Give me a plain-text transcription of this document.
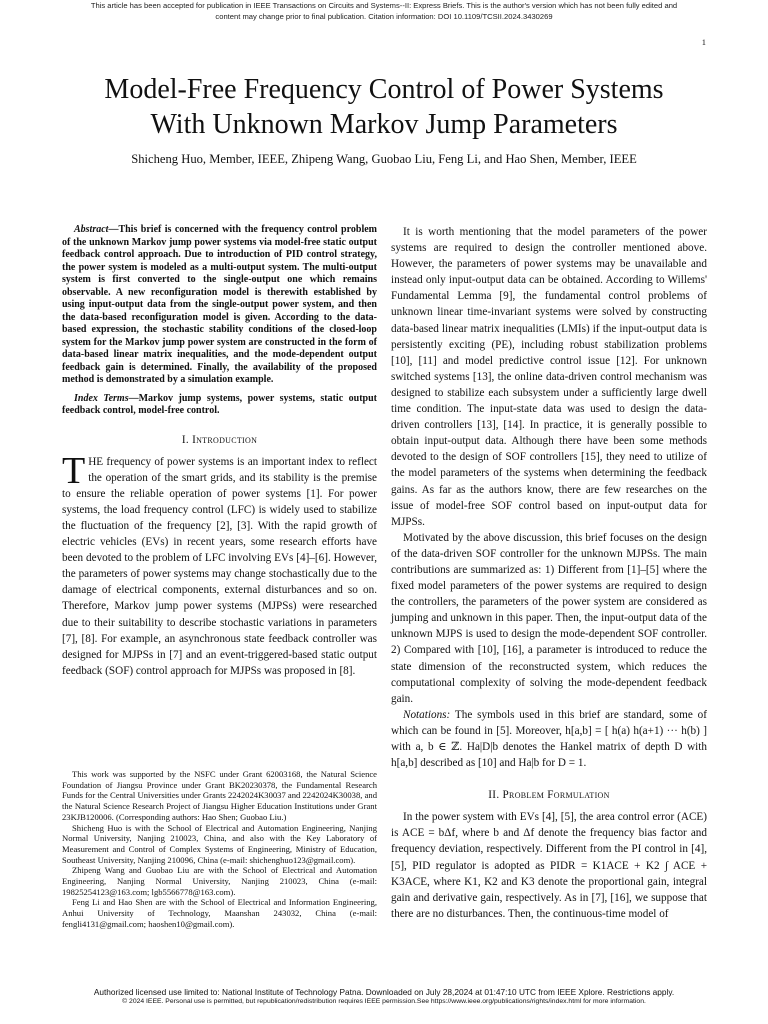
This article has been accepted for publication in IEEE Transactions on Circuits and Systems--II: Express Briefs. This is the author's version which has not been fully edited and
content may change prior to final publication. Citation information: DOI 10.1109/TCSII.2024.3430269
1
Model-Free Frequency Control of Power Systems
With Unknown Markov Jump Parameters
Shicheng Huo, Member, IEEE, Zhipeng Wang, Guobao Liu, Feng Li, and Hao Shen, Member, IEEE

Abstract—This brief is concerned with the frequency control problem of the unknown Markov jump power systems via model-free static output feedback control approach. Due to introduction of PID control strategy, the power system is modeled as a multi-output system. The multi-output system is first converted to the single-output one which remains observable. A new reconfiguration model is therewith established by using input-output data from the single-output power system, and then the data-based reconfiguration model is given. According to the data-based expression, the stochastic stability conditions of the closed-loop system for the Markov jump power system are constructed in the form of data-based linear matrix inequalities, and the mode-dependent output feedback gain is determined. Finally, the availability of the proposed method is demonstrated by a simulation example.

Index Terms—Markov jump systems, power systems, static output feedback control, model-free control.

I. Introduction

THE frequency of power systems is an important index to reflect the operation of the smart grids, and its stability is the premise to ensure the reliable operation of power systems [1]. For power systems, the load frequency control (LFC) is widely used to stabilize the fluctuation of the frequency [2], [3]. With the rapid growth of electric vehicles (EVs) in recent years, some research efforts have been devoted to the problem of LFC involving EVs [4]–[6]. However, the parameters of power systems may change stochastically due to the damage of electrical components, external disturbances and so on. Therefore, Markov jump power systems (MJPSs) were researched due to their suitability to describe stochastic variations in parameters [7], [8]. For example, an asynchronous state feedback controller was designed for MJPSs in [7] and an event-triggered-based static output feedback (SOF) control approach for MJPSs was proposed in [8].

This work was supported by the NSFC under Grant 62003168, the Natural Science Foundation of Jiangsu Province under Grant BK20230378, the Fundamental Research Funds for the Central Universities under Grants 2242024K30037 and 2242024K30038, and the Natural Science Research Project of Jiangsu Higher Education Institutions under Grant 23KJB120006. (Corresponding authors: Hao Shen; Guobao Liu.)

Shicheng Huo is with the School of Electrical and Automation Engineering, Nanjing Normal University, Nanjing 210023, China, and also with the Key Laboratory of Measurement and Control of Complex Systems of Engineering, Ministry of Education, Southeast University, Nanjing 210096, China (e-mail: shichenghuo123@gmail.com).

Zhipeng Wang and Guobao Liu are with the School of Electrical and Automation Engineering, Nanjing Normal University, Nanjing 210023, China (e-mail: 19825254123@163.com; lgb5566778@163.com).

Feng Li and Hao Shen are with the School of Electrical and Information Engineering, Anhui University of Technology, Maanshan 243032, China (e-mail: fengli4131@gmail.com; haoshen10@gmail.com).

It is worth mentioning that the model parameters of the power systems are required to design the controller mentioned above. However, the parameters of power systems may be unavailable and instead only input-output data can be obtained. According to Willems' Fundamental Lemma [9], the fundamental control problems of unknown linear time-invariant systems were solved by constructing data-based linear matrix inequalities (LMIs) if the input-output data is persistently exciting (PE), including robust stabilization problems [10], [11] and model predictive control issue [12]. For unknown switched systems [13], the online data-driven control mechanism was designed to stabilize each subsystem under a sufficiently large dwell time condition. The input-state data was used to design the data-driven controllers [13], [14]. In practice, it is generally possible to obtain input-output data. Although there have been some methods devoted to the design of SOF controllers [15], they need to utilize of the model parameters of the systems when determining the feedback gains. As far as the authors know, there are few researches on the issue of model-free SOF control based on input-output data for MJPSs.

Motivated by the above discussion, this brief focuses on the design of the data-driven SOF controller for the unknown MJPSs. The main contributions are summarized as: 1) Different from [1]–[5] where the fixed model parameters of the power systems are required to design the controllers, the parameters of the power system are considered as jumping and unknown in this paper. Then, the input-output data of the unknown MJPS is used to design the mode-dependent SOF controller. 2) Compared with [10], [16], a parameter is introduced to reduce the state dimension of the reconstructed system, which reduces the computational complexity of solving the mode-dependent feedback gain.

Notations: The symbols used in this brief are standard, some of which can be found in [5]. Moreover, h[a,b] = [ h(a) h(a+1) ··· h(b) ] with a, b ∈ ℤ. Ha|D|b denotes the Hankel matrix of depth D with h[a,b] described as [10] and Ha|b for D = 1.

II. Problem Formulation

In the power system with EVs [4], [5], the area control error (ACE) is ACE = bΔf, where b and Δf denote the frequency bias factor and frequency deviation, respectively. Different from the PI control in [4], [5], PID regulator is adopted as PIDR = K1ACE + K2 ∫ ACE + K3ACE, where K1, K2 and K3 denote the proportional gain, integral gain and derivative gain, respectively. As in [7], [16], we suppose that there are no disturbances. Then, the continuous-time model of

Authorized licensed use limited to: National Institute of Technology Patna. Downloaded on July 28,2024 at 01:47:10 UTC from IEEE Xplore. Restrictions apply.
© 2024 IEEE. Personal use is permitted, but republication/redistribution requires IEEE permission.See https://www.ieee.org/publications/rights/index.html for more information.
